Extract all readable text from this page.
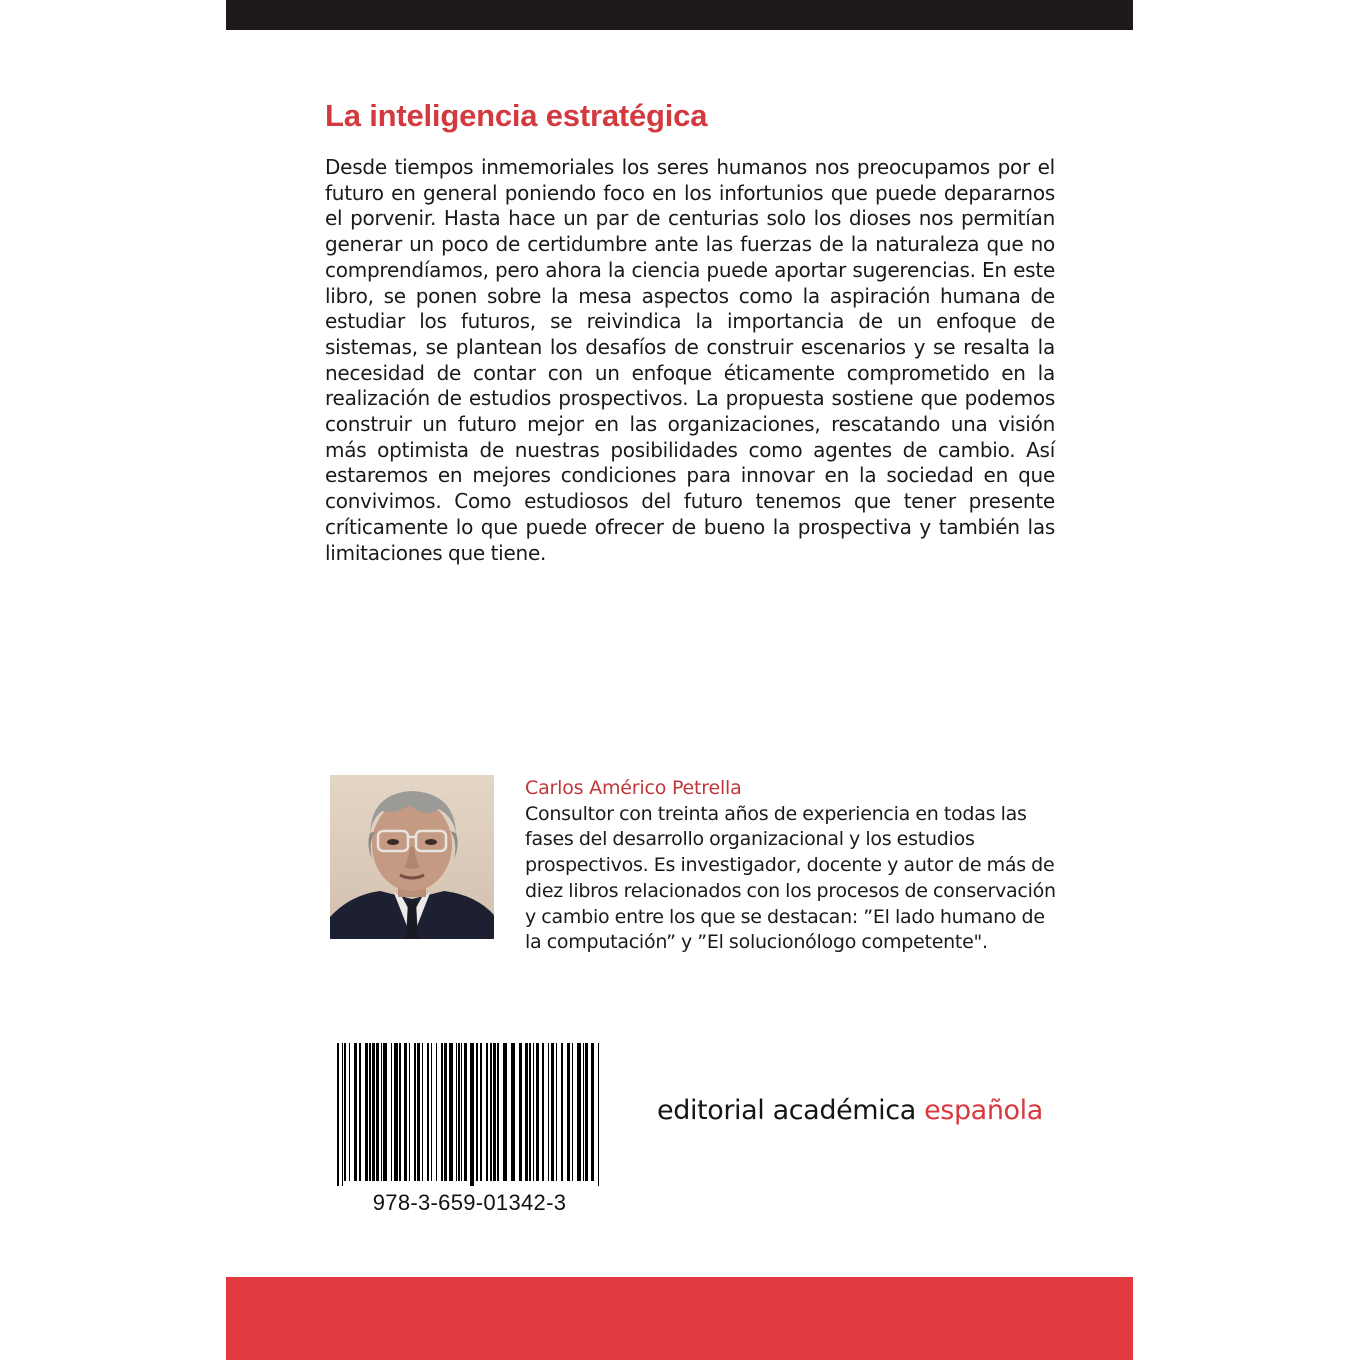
La inteligencia estratégica

Desde tiempos inmemoriales los seres humanos nos preocupamos por el futuro en general poniendo foco en los infortunios que puede depararnos el porvenir. Hasta hace un par de centurias solo los dioses nos permitían generar un poco de certidumbre ante las fuerzas de la naturaleza que no comprendíamos, pero ahora la ciencia puede aportar sugerencias. En este libro, se ponen sobre la mesa aspectos como la aspiración humana de estudiar los futuros, se reivindica la importancia de un enfoque de sistemas, se plantean los desafíos de construir escenarios y se resalta la necesidad de contar con un enfoque éticamente comprometido en la realización de estudios prospectivos. La propuesta sostiene que podemos construir un futuro mejor en las organizaciones, rescatando una visión más optimista de nuestras posibilidades como agentes de cambio. Así estaremos en mejores condiciones para innovar en la sociedad en que convivimos. Como estudiosos del futuro tenemos que tener presente críticamente lo que puede ofrecer de bueno la prospectiva y también las limitaciones que tiene.

Carlos Américo Petrella

Consultor con treinta años de experiencia en todas las fases del desarrollo organizacional y los estudios prospectivos. Es investigador, docente y autor de más de diez libros relacionados con los procesos de conservación y cambio entre los que se destacan: ”El lado humano de la computación” y ”El solucionólogo competente".

978-3-659-01342-3
editorial académica española
